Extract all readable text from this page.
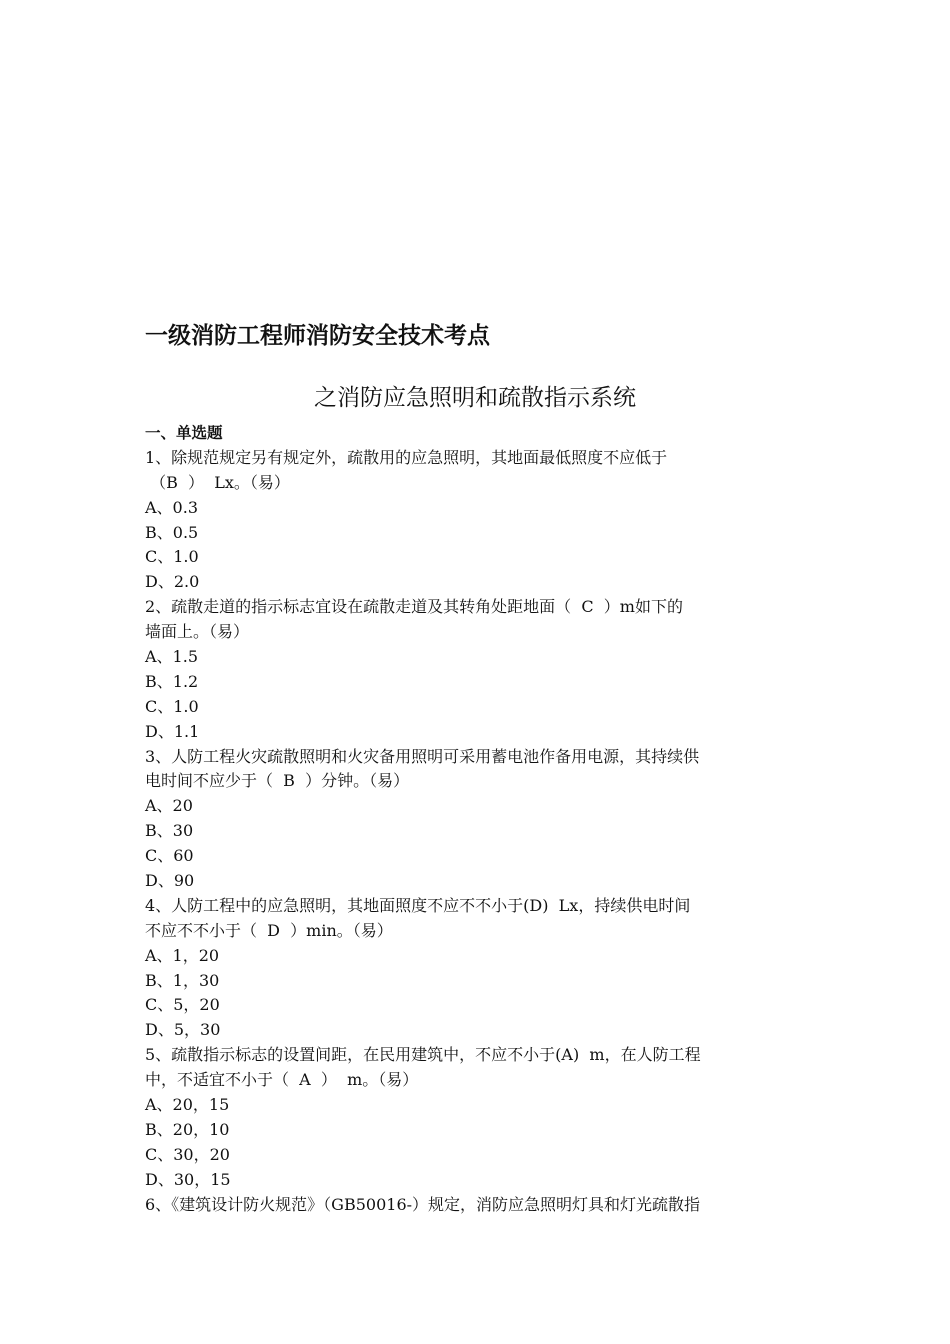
一级消防工程师消防安全技术考点
之消防应急照明和疏散指示系统
一、单选题
1、除规范规定另有规定外，疏散用的应急照明，其地面最低照度不应低于
（B  ）  Lx。（易）
A、0.3
B、0.5
C、1.0
D、2.0
2、疏散走道的指示标志宜设在疏散走道及其转角处距地面（  C  ）m如下的
墙面上。（易）
A、1.5
B、1.2
C、1.0
D、1.1
3、人防工程火灾疏散照明和火灾备用照明可采用蓄电池作备用电源，其持续供
电时间不应少于（  B  ）分钟。（易）
A、20
B、30
C、60
D、90
4、人防工程中的应急照明，其地面照度不应不不小于(D)  Lx，持续供电时间
不应不不小于（  D  ）min。（易）
A、1，20
B、1，30
C、5，20
D、5，30
5、疏散指示标志的设置间距，在民用建筑中，不应不小于(A)  m，在人防工程
中，不适宜不小于（  A  ）  m。（易）
A、20，15
B、20，10
C、30，20
D、30，15
6、《建筑设计防火规范》（GB50016-）规定，消防应急照明灯具和灯光疏散指
